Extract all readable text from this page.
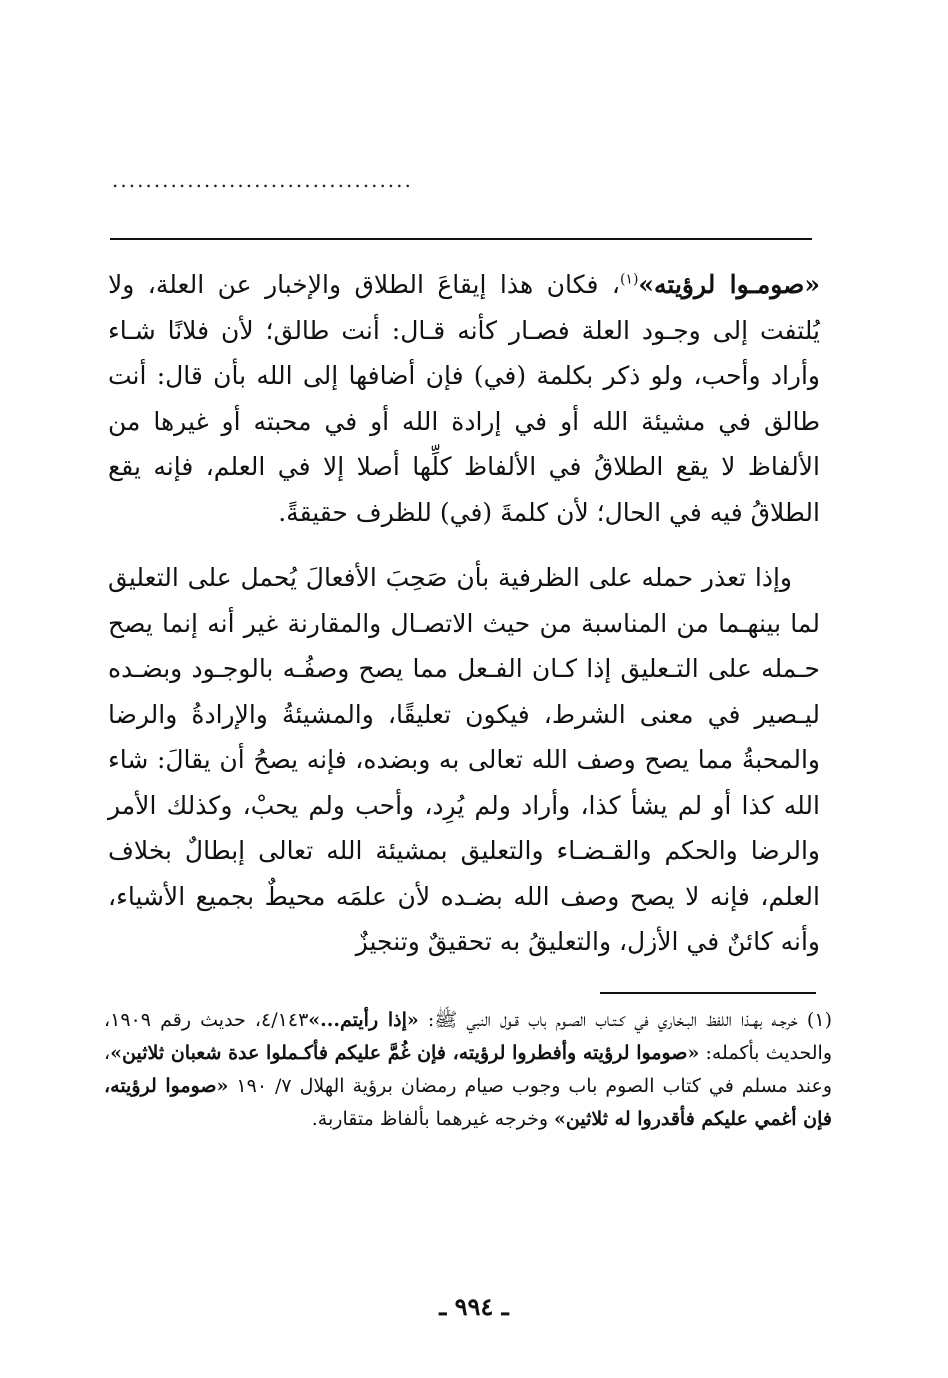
....................................

«صومـوا لرؤيته»$^{(١)}$، فكان هذا إيقاعَ الطلاق والإخبار عن العلة، ولا يُلتفت إلى وجـود العلة فصـار كأنه قـال: أنت طالق؛ لأن فلانًا شـاء وأراد وأحب، ولو ذكر بكلمة (في) فإن أضافها إلى الله بأن قال: أنت طالق في مشيئة الله أو في إرادة الله أو في محبته أو غيرها من الألفاظ لا يقع الطلاقُ في الألفاظ كلِّها أصلا إلا في العلم، فإنه يقع الطلاقُ فيه في الحال؛ لأن كلمةَ (في) للظرف حقيقةً.

وإذا تعذر حمله على الظرفية بأن صَحِبَ الأفعالَ يُحمل على التعليق لما بينهـما من المناسبة من حيث الاتصـال والمقارنة غير أنه إنما يصح حـمله على التـعليق إذا كـان الفـعل مما يصح وصفُـه بالوجـود وبضـده ليـصير في معنى الشرط، فيكون تعليقًا، والمشيئةُ والإرادةُ والرضا والمحبةُ مما يصح وصف الله تعالى به وبضده، فإنه يصحُ أن يقالَ: شاء الله كذا أو لم يشأ كذا، وأراد ولم يُرِد، وأحب ولم يحبْ، وكذلك الأمر والرضا والحكم والقـضـاء والتعليق بمشيئة الله تعالى إبطالٌ بخلاف العلم، فإنه لا يصح وصف الله بضـده لأن علمَه محيطٌ بجميع الأشياء، وأنه كائنٌ في الأزل، والتعليقُ به تحقيقٌ وتنجيزٌ

(١) خرجـه بهـذا اللفظ البـخاري في كـتـاب الصـوم باب قـول النبي ﷺ: «إذا رأيتم...»٤/١٤٣، حديث رقم ١٩٠٩، والحديث بأكمله: «صوموا لرؤيته وأفطروا لرؤيته، فإن غُمَّ عليكم فأكـملوا عدة شعبان ثلاثين»، وعند مسلم في كتاب الصوم باب وجوب صيام رمضان برؤية الهلال ٧/ ١٩٠ «صوموا لرؤيته، فإن أغمي عليكم فأقدروا له ثلاثين» وخرجه غيرهما بألفاظ متقاربة.

ـ ٩٩٤ ـ
